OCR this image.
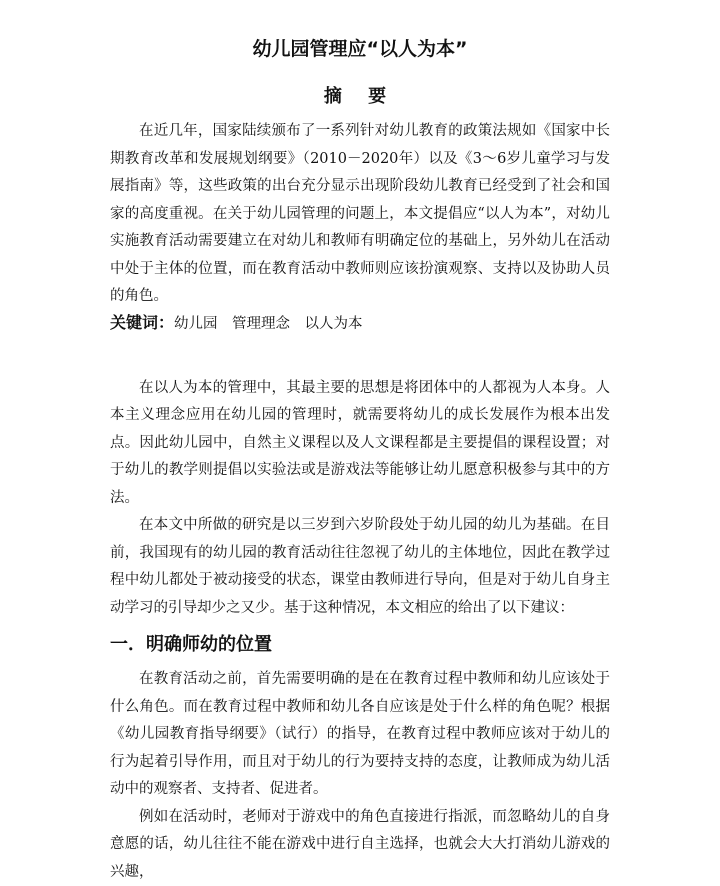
幼儿园管理应“以人为本”
摘 要

在近几年，国家陆续颁布了一系列针对幼儿教育的政策法规如《国家中长期教育改革和发展规划纲要》（2010－2020年）以及《3～6岁儿童学习与发展指南》等，这些政策的出台充分显示出现阶段幼儿教育已经受到了社会和国家的高度重视。在关于幼儿园管理的问题上，本文提倡应“以人为本”，对幼儿实施教育活动需要建立在对幼儿和教师有明确定位的基础上，另外幼儿在活动中处于主体的位置，而在教育活动中教师则应该扮演观察、支持以及协助人员的角色。

关键词：幼儿园　管理理念　以人为本

在以人为本的管理中，其最主要的思想是将团体中的人都视为人本身。人本主义理念应用在幼儿园的管理时，就需要将幼儿的成长发展作为根本出发点。因此幼儿园中，自然主义课程以及人文课程都是主要提倡的课程设置；对于幼儿的教学则提倡以实验法或是游戏法等能够让幼儿愿意积极参与其中的方法。

在本文中所做的研究是以三岁到六岁阶段处于幼儿园的幼儿为基础。在目前，我国现有的幼儿园的教育活动往往忽视了幼儿的主体地位，因此在教学过程中幼儿都处于被动接受的状态，课堂由教师进行导向，但是对于幼儿自身主动学习的引导却少之又少。基于这种情况，本文相应的给出了以下建议：

一．明确师幼的位置

在教育活动之前，首先需要明确的是在在教育过程中教师和幼儿应该处于什么角色。而在教育过程中教师和幼儿各自应该是处于什么样的角色呢？根据《幼儿园教育指导纲要》（试行）的指导，在教育过程中教师应该对于幼儿的行为起着引导作用，而且对于幼儿的行为要持支持的态度，让教师成为幼儿活动中的观察者、支持者、促进者。

例如在活动时，老师对于游戏中的角色直接进行指派，而忽略幼儿的自身意愿的话，幼儿往往不能在游戏中进行自主选择，也就会大大打消幼儿游戏的兴趣，
